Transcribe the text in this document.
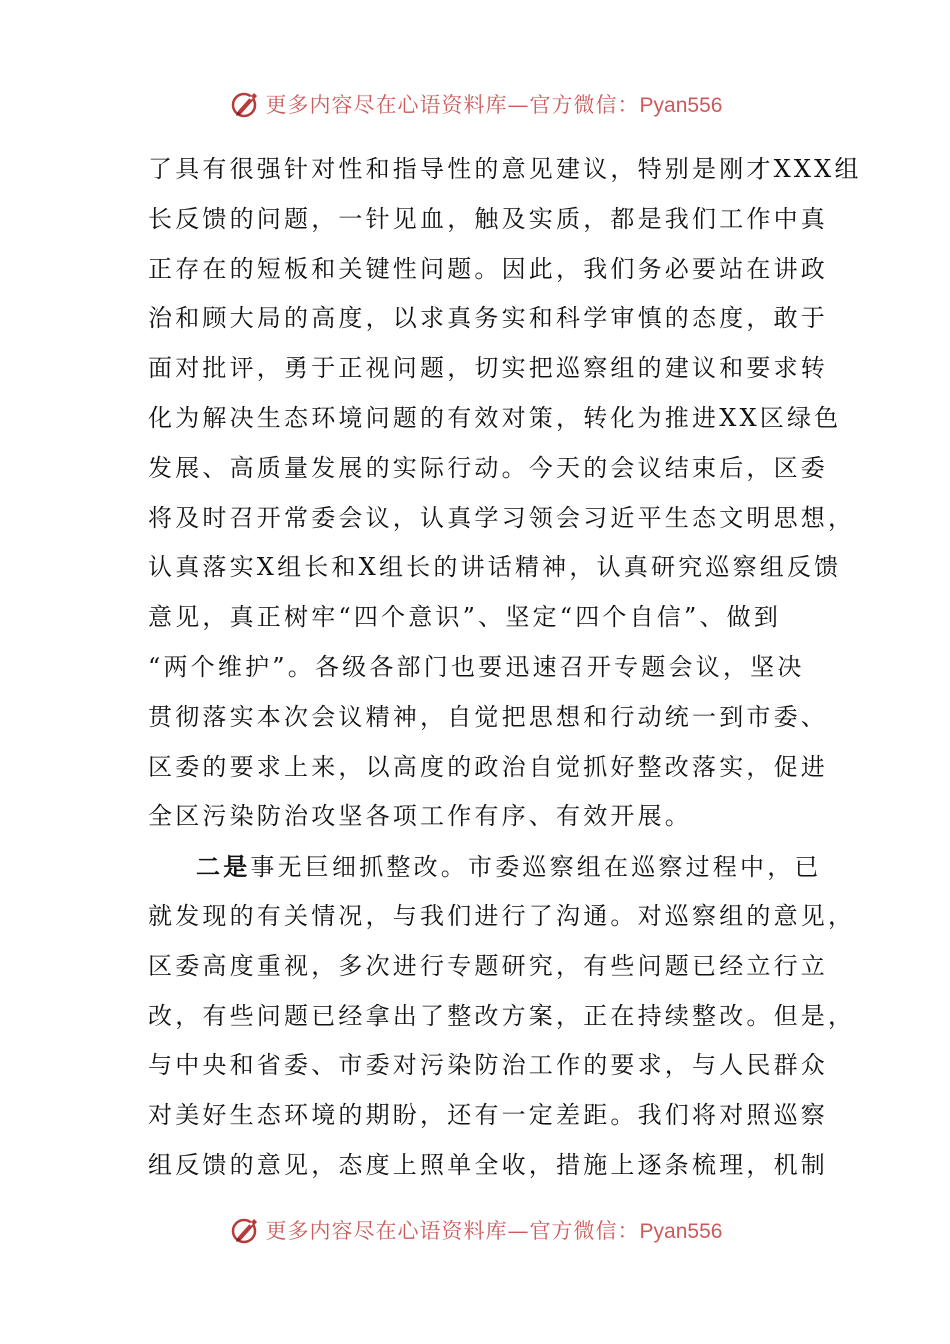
更多内容尽在心语资料库—官方微信：Pyan556
了具有很强针对性和指导性的意见建议，特别是刚才XXX组
长反馈的问题，一针见血，触及实质，都是我们工作中真
正存在的短板和关键性问题。因此，我们务必要站在讲政
治和顾大局的高度，以求真务实和科学审慎的态度，敢于
面对批评，勇于正视问题，切实把巡察组的建议和要求转
化为解决生态环境问题的有效对策，转化为推进XX区绿色
发展、高质量发展的实际行动。今天的会议结束后，区委
将及时召开常委会议，认真学习领会习近平生态文明思想，
认真落实X组长和X组长的讲话精神，认真研究巡察组反馈
意见，真正树牢“四个意识”、坚定“四个自信”、做到
“两个维护”。各级各部门也要迅速召开专题会议，坚决
贯彻落实本次会议精神，自觉把思想和行动统一到市委、
区委的要求上来，以高度的政治自觉抓好整改落实，促进
全区污染防治攻坚各项工作有序、有效开展。
二是事无巨细抓整改。市委巡察组在巡察过程中，已
就发现的有关情况，与我们进行了沟通。对巡察组的意见，
区委高度重视，多次进行专题研究，有些问题已经立行立
改，有些问题已经拿出了整改方案，正在持续整改。但是，
与中央和省委、市委对污染防治工作的要求，与人民群众
对美好生态环境的期盼，还有一定差距。我们将对照巡察
组反馈的意见，态度上照单全收，措施上逐条梳理，机制
更多内容尽在心语资料库—官方微信：Pyan556
